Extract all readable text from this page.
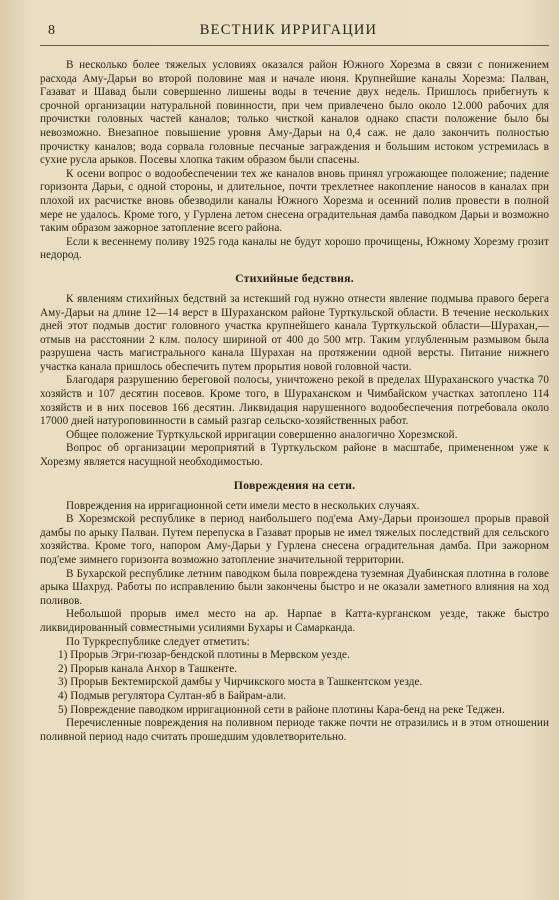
8	ВЕСТНИК ИРРИГАЦИИ

В несколько более тяжелых условиях оказался район Южного Хорезма в связи с понижением расхода Аму-Дарьи во второй половине мая и начале июня. Крупнейшие каналы Хорезма: Палван, Газават и Шавад были совершенно лишены воды в течение двух недель. Пришлось прибегнуть к срочной организации натуральной повинности, при чем привлечено было около 12.000 рабочих для прочистки головных частей каналов; только чисткой каналов однако спасти положение было бы невозможно. Внезапное повышение уровня Аму-Дарьи на 0,4 саж. не дало закончить полностью прочистку каналов; вода сорвала головные песчаные заграждения и большим истоком устремилась в сухие русла арыков. Посевы хлопка таким образом были спасены.

К осени вопрос о водообеспечении тех же каналов вновь принял угрожающее положение; падение горизонта Дарьи, с одной стороны, и длительное, почти трехлетнее накопление наносов в каналах при плохой их расчистке вновь обезводили каналы Южного Хорезма и осенний полив провести в полной мере не удалось. Кроме того, у Гурлена летом снесена оградительная дамба паводком Дарьи и возможно таким образом зажорное затопление всего района.

Если к весеннему поливу 1925 года каналы не будут хорошо прочищены, Южному Хорезму грозит недород.

Стихийные бедствия.

К явлениям стихийных бедствий за истекший год нужно отнести явление подмыва правого берега Аму-Дарьи на длине 12—14 верст в Шураханском районе Турткульской области. В течение нескольких дней этот подмыв достиг головного участка крупнейшего канала Турткульской области—Шурахан,—отмыв на расстоянии 2 клм. полосу шириной от 400 до 500 мтр. Таким углубленным размывом была разрушена часть магистрального канала Шурахан на протяжении одной версты. Питание нижнего участка канала пришлось обеспечить путем прорытия новой головной части.

Благодаря разрушению береговой полосы, уничтожено рекой в пределах Шураханского участка 70 хозяйств и 107 десятин посевов. Кроме того, в Шураханском и Чимбайском участках затоплено 114 хозяйств и в них посевов 166 десятин. Ликвидация нарушенного водообеспечения потребовала около 17000 дней натуроповинности в самый разгар сельско-хозяйственных работ.

Общее положение Турткульской ирригации совершенно аналогично Хорезмской.

Вопрос об организации мероприятий в Турткульском районе в масштабе, примененном уже к Хорезму является насущной необходимостью.

Повреждения на сети.

Повреждения на ирригационной сети имели место в нескольких случаях.

В Хорезмской республике в период наибольшего под'ема Аму-Дарьи произошел прорыв правой дамбы по арыку Палван. Путем перепуска в Газават прорыв не имел тяжелых последствий для сельского хозяйства. Кроме того, напором Аму-Дарьи у Гурлена снесена оградительная дамба. При зажорном под'еме зимнего горизонта возможно затопление значительной территории.

В Бухарской республике летним паводком была повреждена туземная Дуабинская плотина в голове арыка Шахруд. Работы по исправлению были закончены быстро и не оказали заметного влияния на ход поливов.

Небольшой прорыв имел место на ар. Нарпае в Катта-курганском уезде, также быстро ликвидированный совместными усилиями Бухары и Самарканда.

По Туркреспублике следует отметить:

1) Прорыв Эгри-гюзар-бендской плотины в Мервском уезде.

2) Прорыв канала Анхор в Ташкенте.

3) Прорыв Бектемирской дамбы у Чирчикского моста в Ташкентском уезде.

4) Подмыв регулятора Султан-яб в Байрам-али.

5) Повреждение паводком ирригационной сети в районе плотины Кара-бенд на реке Теджен.

Перечисленные повреждения на поливном периоде также почти не отразились и в этом отношении поливной период надо считать прошедшим удовлетворительно.
